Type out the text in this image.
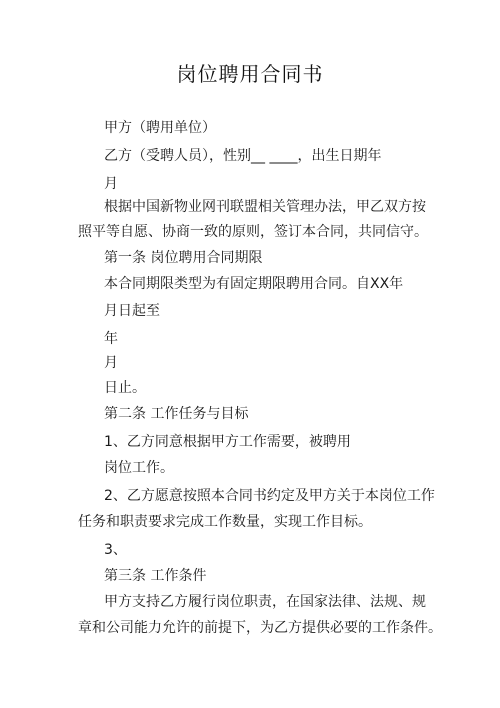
岗位聘用合同书
甲方（聘用单位）
乙方（受聘人员），性别__ ____，出生日期年
月
根据中国新物业网刊联盟相关管理办法，甲乙双方按
照平等自愿、协商一致的原则，签订本合同，共同信守。
第一条 岗位聘用合同期限
本合同期限类型为有固定期限聘用合同。自XX年
月日起至
年
月
日止。
第二条 工作任务与目标
1、乙方同意根据甲方工作需要，被聘用
岗位工作。
2、乙方愿意按照本合同书约定及甲方关于本岗位工作
任务和职责要求完成工作数量，实现工作目标。
3、
第三条 工作条件
甲方支持乙方履行岗位职责，在国家法律、法规、规
章和公司能力允许的前提下，为乙方提供必要的工作条件。
